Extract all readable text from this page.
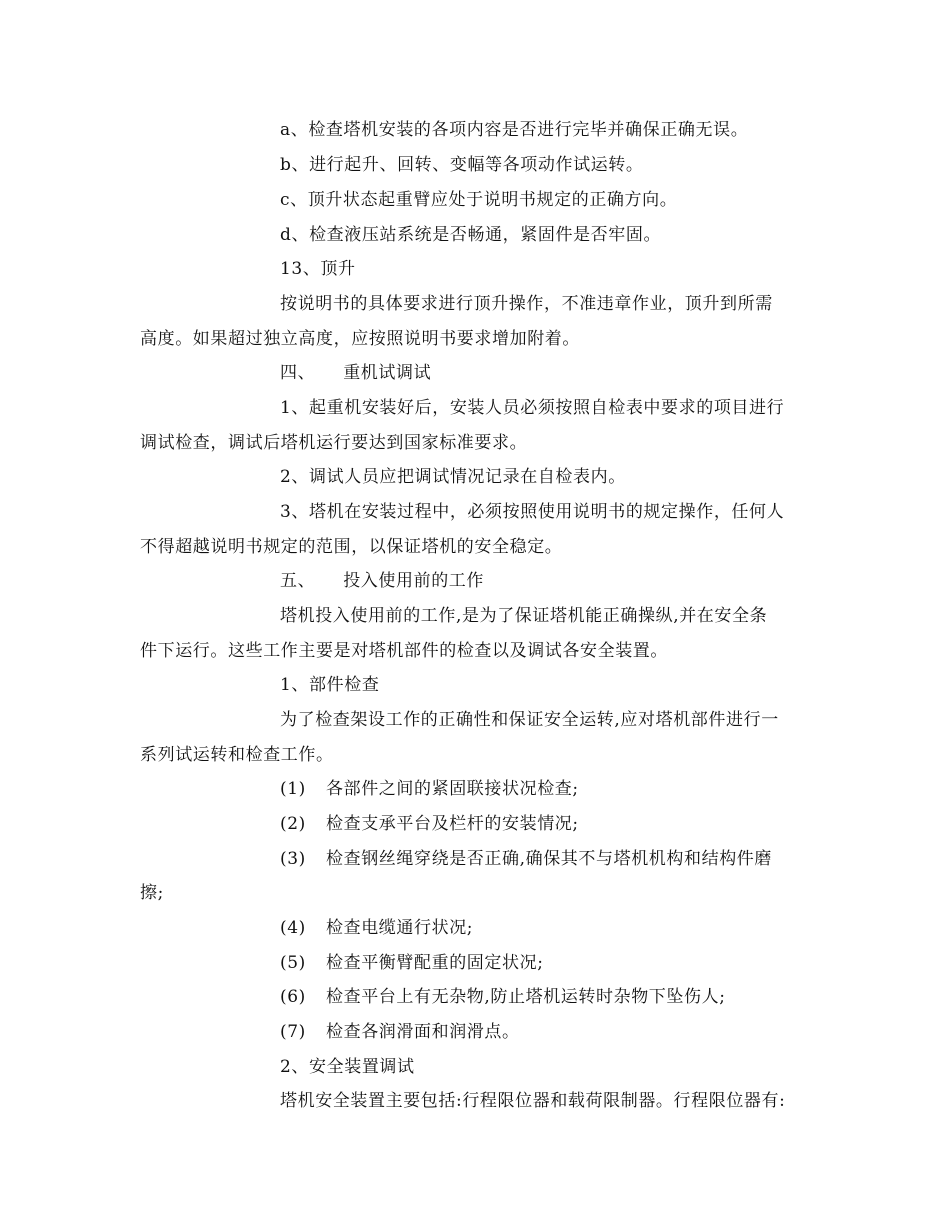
a、检查塔机安装的各项内容是否进行完毕并确保正确无误。
b、进行起升、回转、变幅等各项动作试运转。
c、顶升状态起重臂应处于说明书规定的正确方向。
d、检查液压站系统是否畅通，紧固件是否牢固。
13、顶升
按说明书的具体要求进行顶升操作，不准违章作业，顶升到所需
高度。如果超过独立高度，应按照说明书要求增加附着。
四、 重机试调试
1、起重机安装好后，安装人员必须按照自检表中要求的项目进行
调试检查，调试后塔机运行要达到国家标准要求。
2、调试人员应把调试情况记录在自检表内。
3、塔机在安装过程中，必须按照使用说明书的规定操作，任何人
不得超越说明书规定的范围，以保证塔机的安全稳定。
五、 投入使用前的工作
塔机投入使用前的工作,是为了保证塔机能正确操纵,并在安全条
件下运行。这些工作主要是对塔机部件的检查以及调试各安全装置。
1、部件检查
为了检查架设工作的正确性和保证安全运转,应对塔机部件进行一
系列试运转和检查工作。
(1) 各部件之间的紧固联接状况检查;
(2) 检查支承平台及栏杆的安装情况;
(3) 检查钢丝绳穿绕是否正确,确保其不与塔机机构和结构件磨
擦;
(4) 检查电缆通行状况;
(5) 检查平衡臂配重的固定状况;
(6) 检查平台上有无杂物,防止塔机运转时杂物下坠伤人;
(7) 检查各润滑面和润滑点。
2、安全装置调试
塔机安全装置主要包括:行程限位器和载荷限制器。行程限位器有:
